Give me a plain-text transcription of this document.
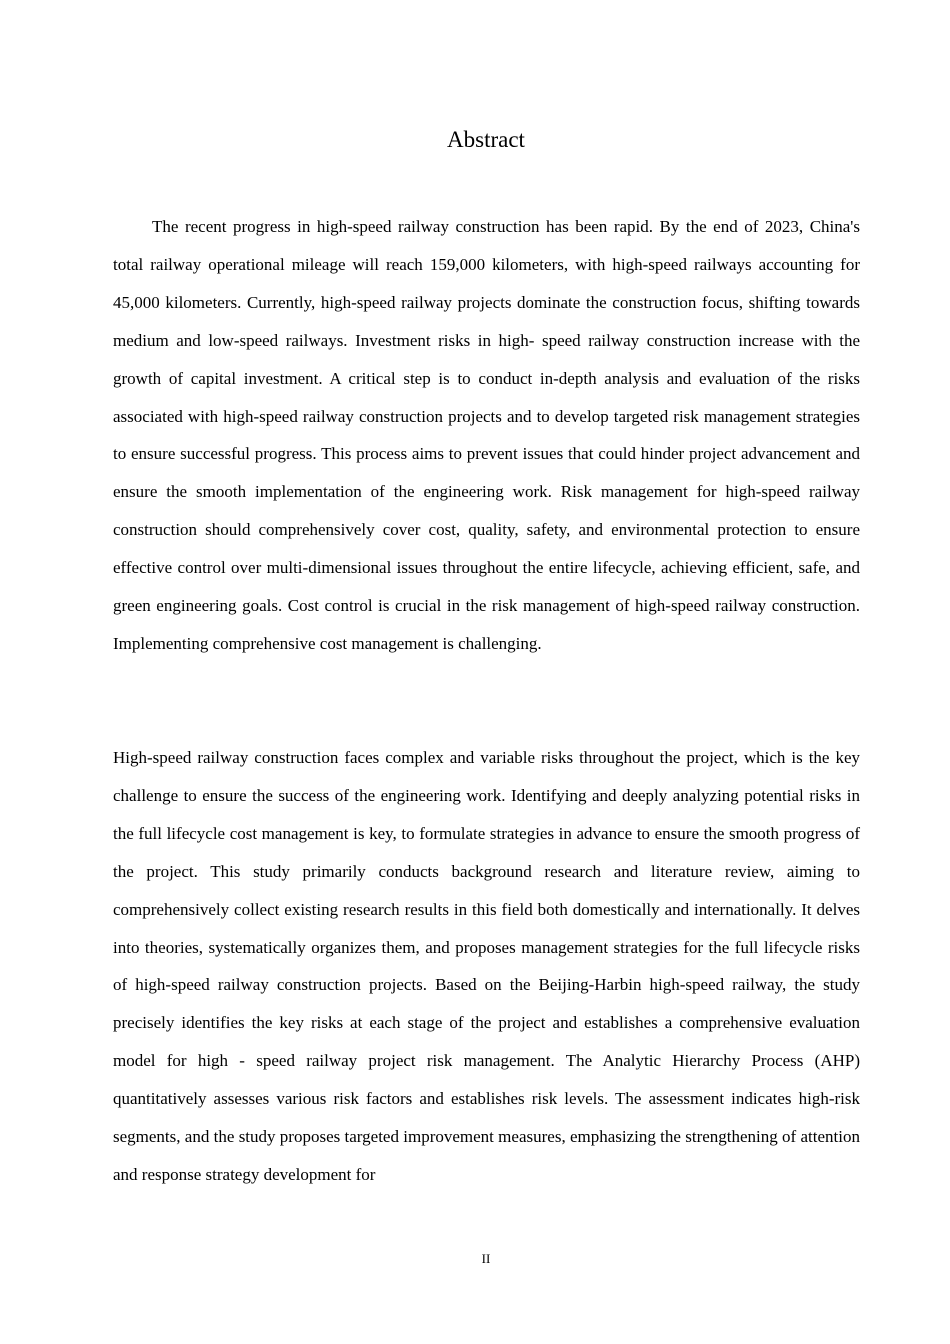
Abstract

The recent progress in high-speed railway construction has been rapid. By the end of 2023, China's total railway operational mileage will reach 159,000 kilometers, with high-speed railways accounting for 45,000 kilometers. Currently, high-speed railway projects dominate the construction focus, shifting towards medium and low-speed railways. Investment risks in high- speed railway construction increase with the growth of capital investment. A critical step is to conduct in-depth analysis and evaluation of the risks associated with high-speed railway construction projects and to develop targeted risk management strategies to ensure successful progress. This process aims to prevent issues that could hinder project advancement and ensure the smooth implementation of the engineering work. Risk management for high-speed railway construction should comprehensively cover cost, quality, safety, and environmental protection to ensure effective control over multi-dimensional issues throughout the entire lifecycle, achieving efficient, safe, and green engineering goals. Cost control is crucial in the risk management of high-speed railway construction. Implementing comprehensive cost management is challenging.

High-speed railway construction faces complex and variable risks throughout the project, which is the key challenge to ensure the success of the engineering work. Identifying and deeply analyzing potential risks in the full lifecycle cost management is key, to formulate strategies in advance to ensure the smooth progress of the project. This study primarily conducts background research and literature review, aiming to comprehensively collect existing research results in this field both domestically and internationally. It delves into theories, systematically organizes them, and proposes management strategies for the full lifecycle risks of high-speed railway construction projects. Based on the Beijing-Harbin high-speed railway, the study precisely identifies the key risks at each stage of the project and establishes a comprehensive evaluation model for high - speed railway project risk management. The Analytic Hierarchy Process (AHP) quantitatively assesses various risk factors and establishes risk levels. The assessment indicates high-risk segments, and the study proposes targeted improvement measures, emphasizing the strengthening of attention and response strategy development for

II
